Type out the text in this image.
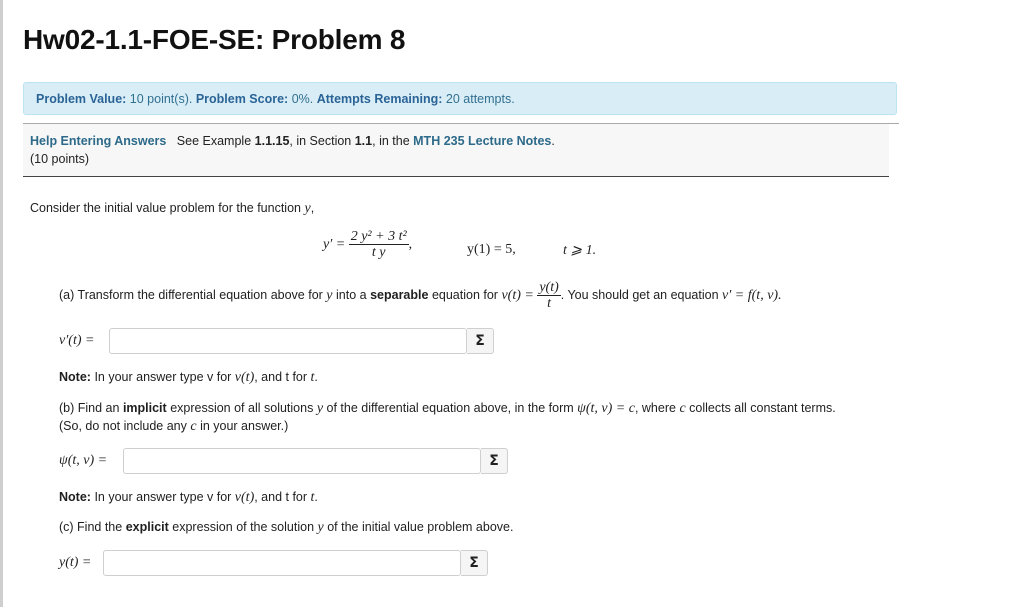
Hw02-1.1-FOE-SE: Problem 8
Problem Value: 10 point(s). Problem Score: 0%. Attempts Remaining: 20 attempts.
Help Entering Answers See Example 1.1.15, in Section 1.1, in the MTH 235 Lecture Notes.
(10 points)
Consider the initial value problem for the function y,
$y' = \frac{\text{2 y² + 3 t²}}{\text{t y}}$ ,	y(1) = 5,	t ⩾ 1.
(a) Transform the differential equation above for y into a separable equation for $v(t) = \frac{y(t)}{t}$ . You should get an equation v′ = f(t, v).
v′(t) =	Σ
Note: In your answer type v for v(t), and t for t.
(b) Find an implicit expression of all solutions y of the differential equation above, in the form ψ(t, v) = c, where c collects all constant terms.
(So, do not include any c in your answer.)
ψ(t, v) =	Σ
Note: In your answer type v for v(t), and t for t.
(c) Find the explicit expression of the solution y of the initial value problem above.
y(t) =	Σ
